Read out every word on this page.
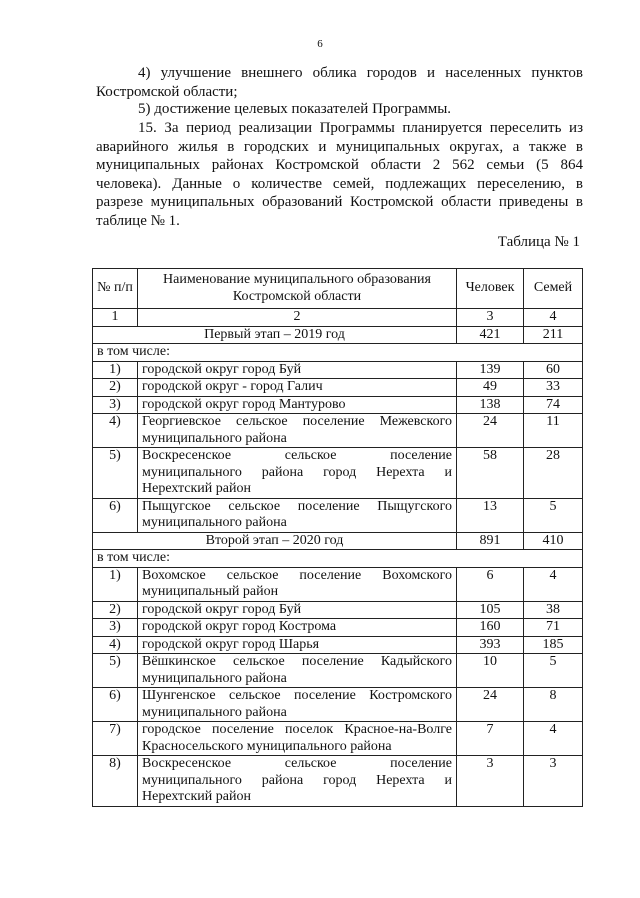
6
4) улучшение внешнего облика городов и населенных пунктов Костромской области;
5) достижение целевых показателей Программы.
15. За период реализации Программы планируется переселить из аварийного жилья в городских и муниципальных округах, а также в муниципальных районах Костромской области 2 562 семьи (5 864 человека). Данные о количестве семей, подлежащих переселению, в разрезе муниципальных образований Костромской области приведены в таблице № 1.
Таблица № 1
№ п/п	Наименование муниципального образования Костромской области	Человек	Семей
1	2	3	4
Первый этап – 2019 год		421	211
в том числе:			
1)	городской округ город Буй	139	60
2)	городской округ - город Галич	49	33
3)	городской округ город Мантурово	138	74
4)	Георгиевское сельское поселение Межевского муниципального района	24	11
5)	Воскресенское сельское поселение муниципального района город Нерехта и Нерехтский район	58	28
6)	Пыщугское сельское поселение Пыщугского муниципального района	13	5
Второй этап – 2020 год		891	410
в том числе:			
1)	Вохомское сельское поселение Вохомского муниципальный район	6	4
2)	городской округ город Буй	105	38
3)	городской округ город Кострома	160	71
4)	городской округ город Шарья	393	185
5)	Вёшкинское сельское поселение Кадыйского муниципального района	10	5
6)	Шунгенское сельское поселение Костромского муниципального района	24	8
7)	городское поселение поселок Красное-на-Волге Красносельского муниципального района	7	4
8)	Воскресенское сельское поселение муниципального района город Нерехта и Нерехтский район	3	3
